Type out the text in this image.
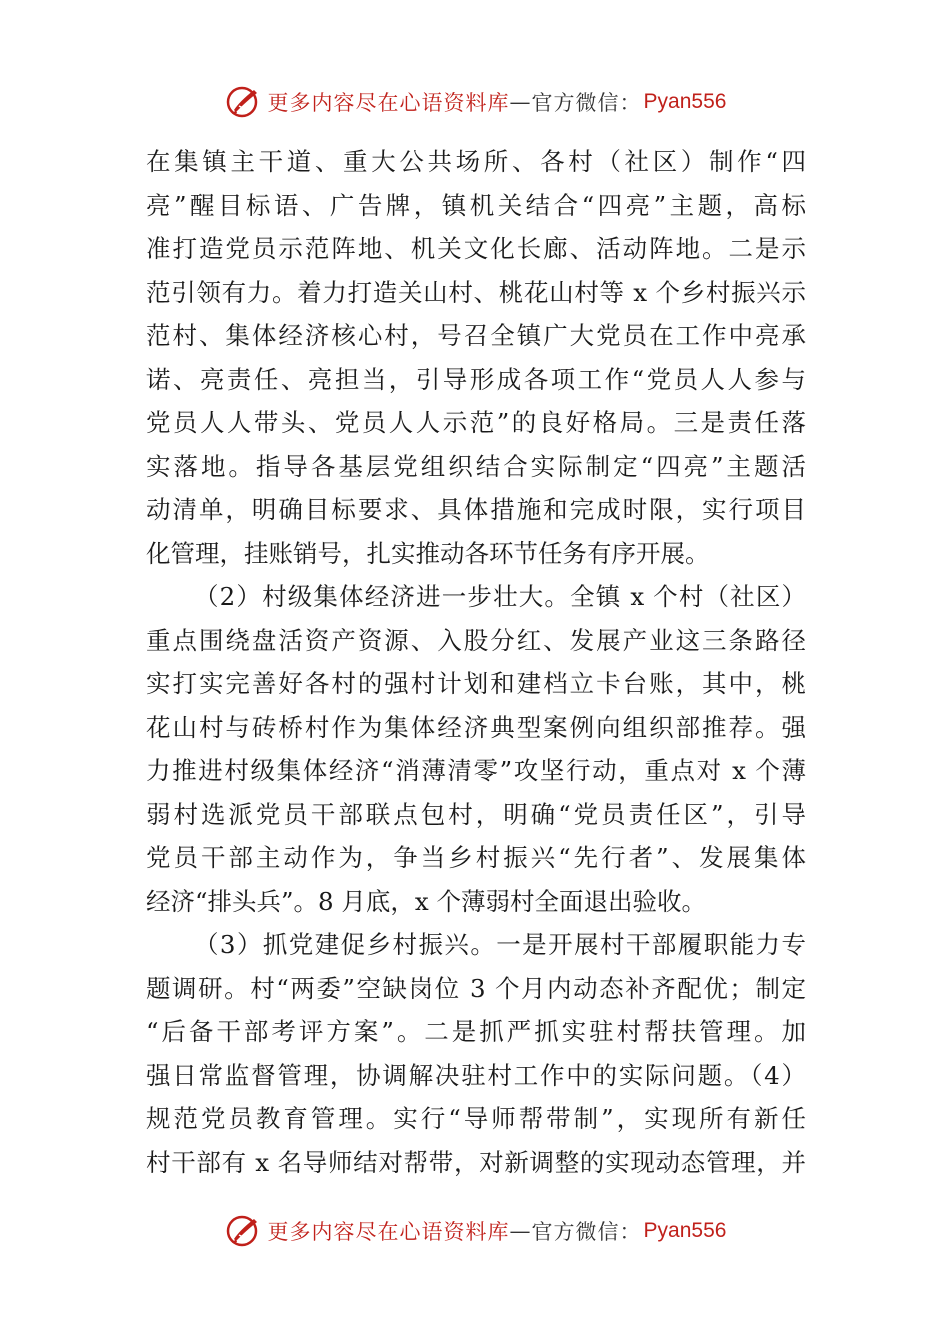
更多内容尽在心语资料库 — 官方微信： Pyan556
在集镇主干道、重大公共场所、各村（社区）制作“四
亮”醒目标语、广告牌，镇机关结合“四亮”主题，高标
准打造党员示范阵地、机关文化长廊、活动阵地。二是示
范引领有力。着力打造关山村、桃花山村等 x 个乡村振兴示
范村、集体经济核心村，号召全镇广大党员在工作中亮承
诺、亮责任、亮担当，引导形成各项工作“党员人人参与
党员人人带头、党员人人示范”的良好格局。三是责任落
实落地。指导各基层党组织结合实际制定“四亮”主题活
动清单，明确目标要求、具体措施和完成时限，实行项目
化管理，挂账销号，扎实推动各环节任务有序开展。
（2）村级集体经济进一步壮大。全镇 x 个村（社区）
重点围绕盘活资产资源、入股分红、发展产业这三条路径
实打实完善好各村的强村计划和建档立卡台账，其中，桃
花山村与砖桥村作为集体经济典型案例向组织部推荐。强
力推进村级集体经济“消薄清零”攻坚行动，重点对 x 个薄
弱村选派党员干部联点包村，明确“党员责任区”，引导
党员干部主动作为，争当乡村振兴“先行者”、发展集体
经济“排头兵”。8 月底，x 个薄弱村全面退出验收。
（3）抓党建促乡村振兴。一是开展村干部履职能力专
题调研。村“两委”空缺岗位 3 个月内动态补齐配优；制定
“后备干部考评方案”。二是抓严抓实驻村帮扶管理。加
强日常监督管理，协调解决驻村工作中的实际问题。（4）
规范党员教育管理。实行“导师帮带制”，实现所有新任
村干部有 x 名导师结对帮带，对新调整的实现动态管理，并
更多内容尽在心语资料库 — 官方微信： Pyan556
